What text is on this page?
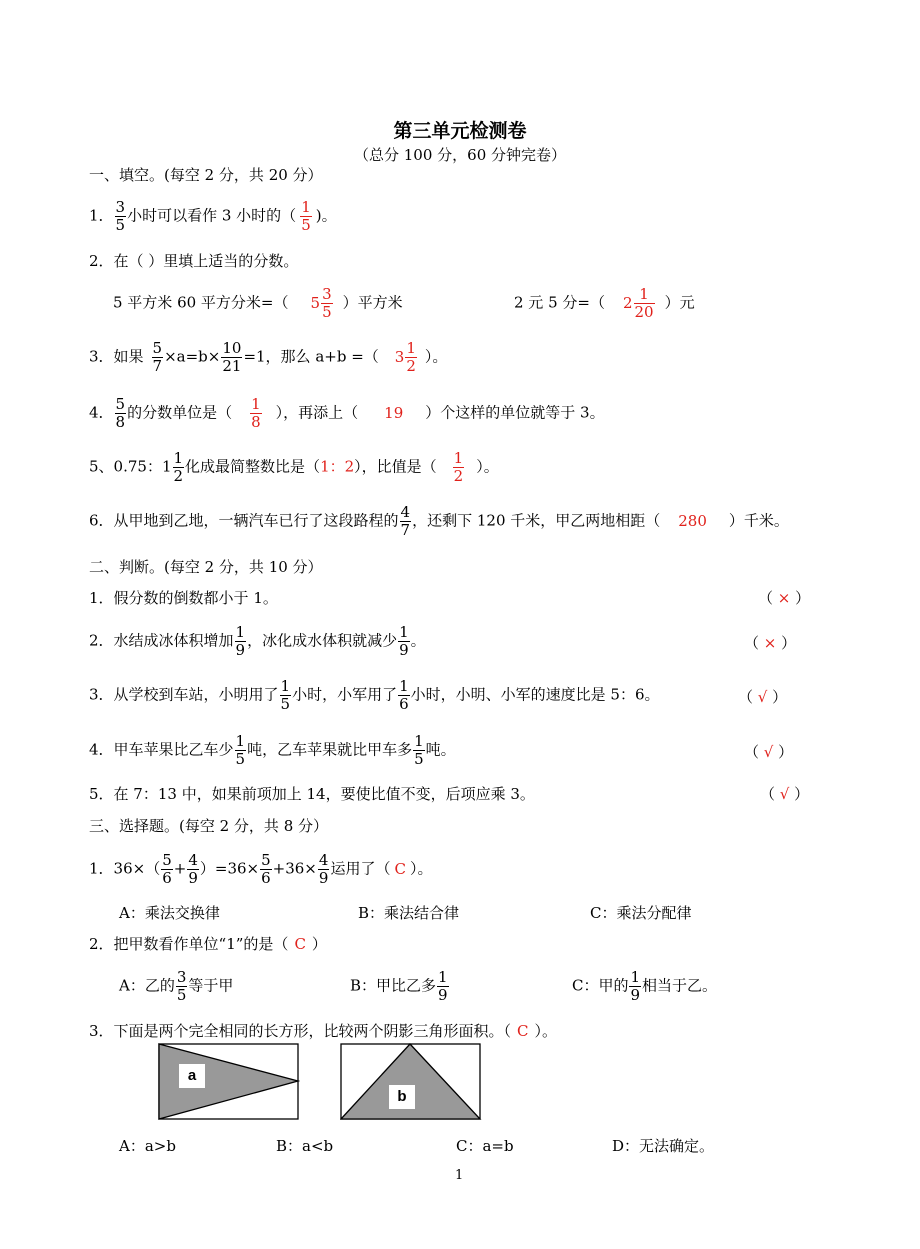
第三单元检测卷
（总分 100 分，60 分钟完卷）
一、填空。(每空 2 分，共 20 分）
1． $\frac{3}{5}$ 小时可以看作 3 小时的（ $\frac{1}{5}$ )。
2．在（ ）里填上适当的分数。
5 平方米 60 平方分米=（ $5 \frac{3}{5}$ ）平方米	2 元 5 分=（ $2 \frac{1}{20}$ ）元
3．如果 $\frac{5}{7} \times a=b\times \frac{10}{21} =1$，那么 a+b =（ $3 \frac{1}{2}$ ）。
4． $\frac{5}{8}$ 的分数单位是（ $\frac{1}{8}$ ），再添上（ 19 ）个这样的单位就等于 3。
5、0.75：$1 \frac{1}{2}$ 化成最简整数比是（1：2），比值是（ $\frac{1}{2}$ ）。
6．从甲地到乙地，一辆汽车已行了这段路程的 $\frac{4}{7}$ ，还剩下 120 千米，甲乙两地相距（ 280 ）千米。
二、判断。(每空 2 分，共 10 分）
1．假分数的倒数都小于 1。	（ × ）
2．水结成冰体积增加 $\frac{1}{9}$ ，冰化成水体积就减少 $\frac{1}{9}$ 。	（ × ）
3．从学校到车站，小明用了 $\frac{1}{5}$ 小时，小军用了 $\frac{1}{6}$ 小时，小明、小军的速度比是 5：6。	（ √ ）
4．甲车苹果比乙车少 $\frac{1}{5}$ 吨，乙车苹果就比甲车多 $\frac{1}{5}$ 吨。	（ √ ）
5．在 7：13 中，如果前项加上 14，要使比值不变，后项应乘 3。	（ √ ）
三、选择题。(每空 2 分，共 8 分）
1．$36\times( \frac{5}{6} + \frac{4}{9} )=36\times \frac{5}{6} +36\times \frac{4}{9}$ 运用了（ C ）。
A：乘法交换律	B：乘法结合律	C：乘法分配律
2．把甲数看作单位“1”的是（ C ）
A：乙的 $\frac{3}{5}$ 等于甲	B：甲比乙多 $\frac{1}{9}$	C：甲的 $\frac{1}{9}$ 相当于乙。
3．下面是两个完全相同的长方形，比较两个阴影三角形面积。（ C ）。
a
b
A：a>b	B：a<b	C：a=b	D：无法确定。
1
